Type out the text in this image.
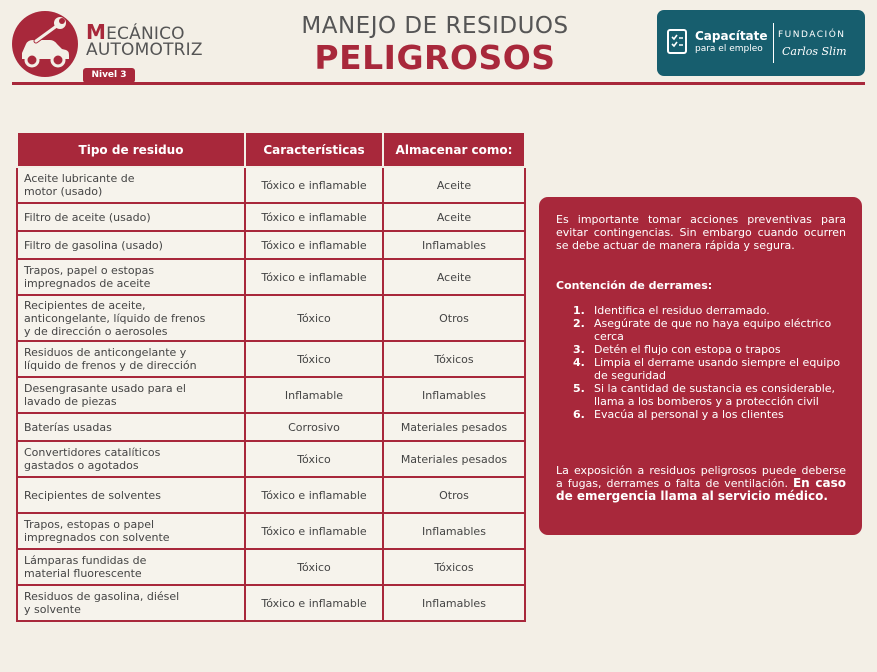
MECÁNICO
AUTOMOTRIZ
Nivel 3
MANEJO DE RESIDUOS
PELIGROSOS
Capacítate
para el empleo
FUNDACIÓN
Carlos Slim
Tipo de residuo	Características	Almacenar como:

Aceite lubricante de
motor (usado)	Tóxico e inflamable	Aceite

Filtro de aceite (usado)	Tóxico e inflamable	Aceite

Filtro de gasolina (usado)	Tóxico e inflamable	Inflamables

Trapos, papel o estopas
impregnados de aceite	Tóxico e inflamable	Aceite

Recipientes de aceite,
anticongelante, líquido de frenos
y de dirección o aerosoles	Tóxico	Otros

Residuos de anticongelante y
líquido de frenos y de dirección	Tóxico	Tóxicos

Desengrasante usado para el
lavado de piezas	Inflamable	Inflamables

Baterías usadas	Corrosivo	Materiales pesados

Convertidores catalíticos
gastados o agotados	Tóxico	Materiales pesados

Recipientes de solventes	Tóxico e inflamable	Otros

Trapos, estopas o papel
impregnados con solvente	Tóxico e inflamable	Inflamables

Lámparas fundidas de
material fluorescente	Tóxico	Tóxicos

Residuos de gasolina, diésel
y solvente	Tóxico e inflamable	Inflamables
Es importante tomar acciones preventivas para evitar contingencias. Sin embargo cuando ocurren se debe actuar de manera rápida y segura.
Contención de derrames:
1. Identifica el residuo derramado.
2. Asegúrate de que no haya equipo eléctrico cerca
3. Detén el flujo con estopa o trapos
4. Limpia el derrame usando siempre el equipo de seguridad
5. Si la cantidad de sustancia es considerable, llama a los bomberos y a protección civil
6. Evacúa al personal y a los clientes
La exposición a residuos peligrosos puede deberse a fugas, derrames o falta de ventilación. En caso de emergencia llama al servicio médico.
